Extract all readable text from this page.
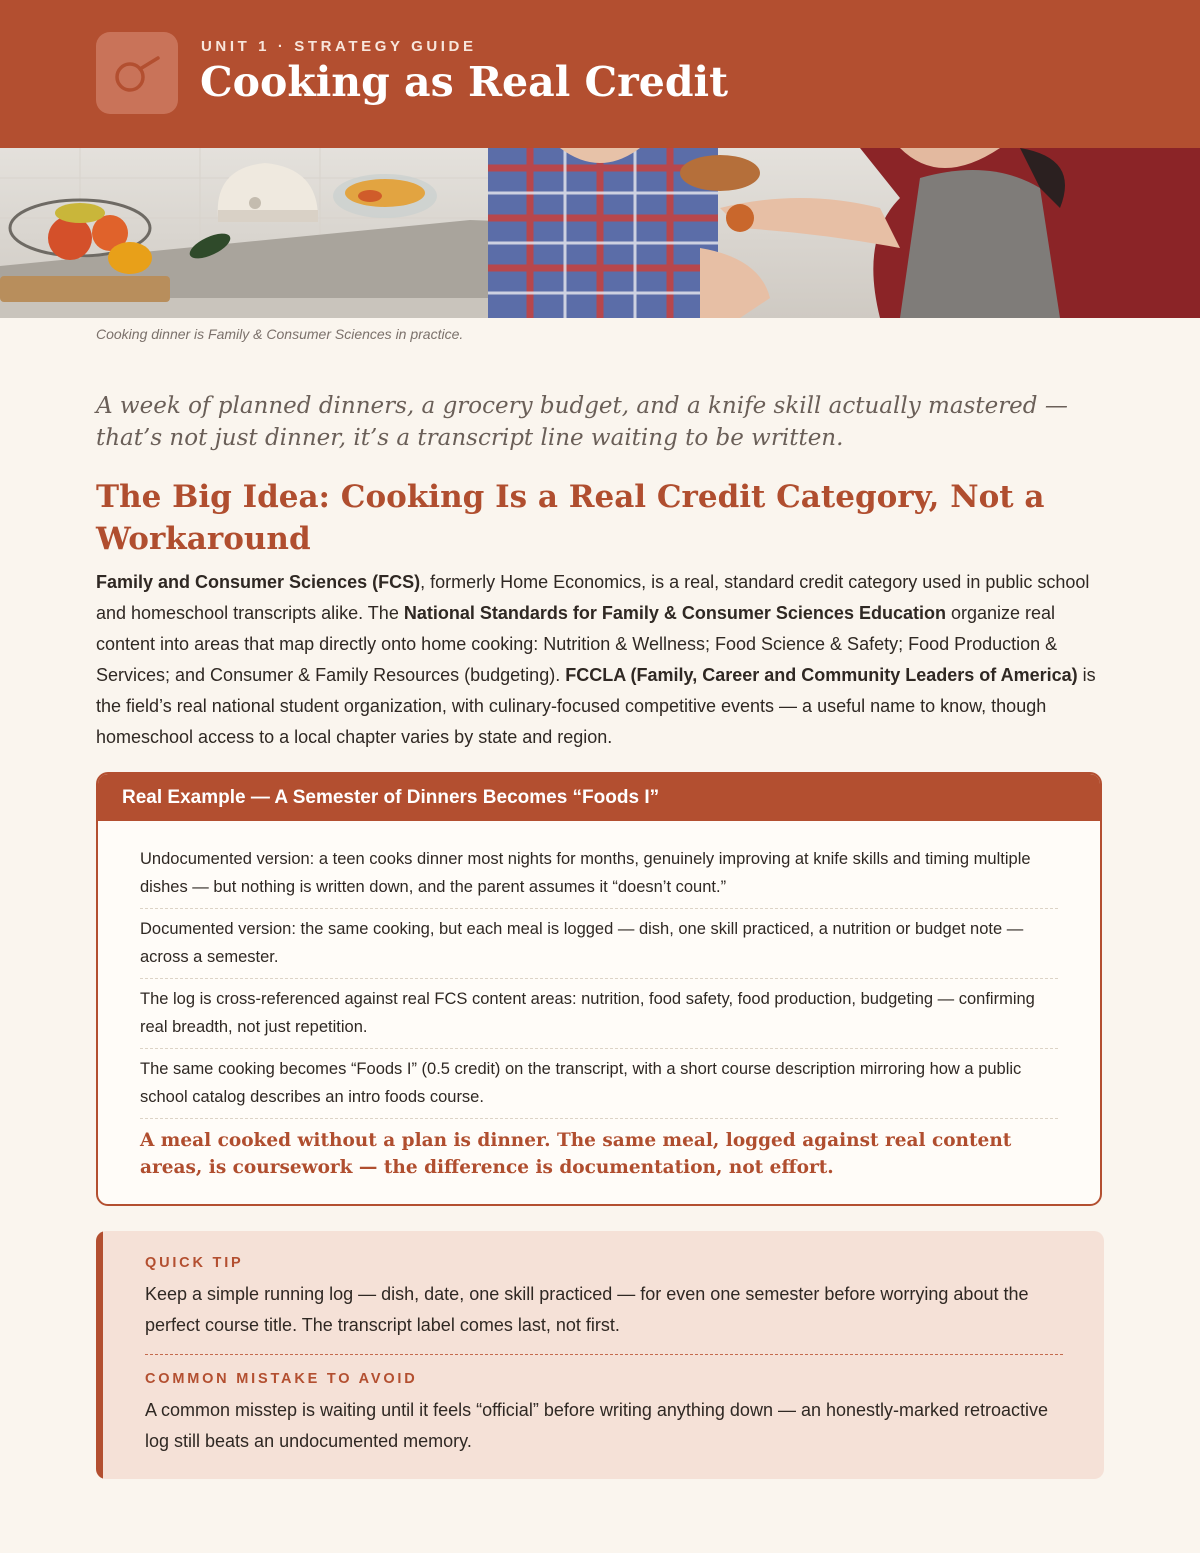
UNIT 1 · STRATEGY GUIDE
Cooking as Real Credit
Cooking dinner is Family & Consumer Sciences in practice.

A week of planned dinners, a grocery budget, and a knife skill actually mastered — that’s not just dinner, it’s a transcript line waiting to be written.

The Big Idea: Cooking Is a Real Credit Category, Not a Workaround

Family and Consumer Sciences (FCS), formerly Home Economics, is a real, standard credit category used in public school and homeschool transcripts alike. The National Standards for Family & Consumer Sciences Education organize real content into areas that map directly onto home cooking: Nutrition & Wellness; Food Science & Safety; Food Production & Services; and Consumer & Family Resources (budgeting). FCCLA (Family, Career and Community Leaders of America) is the field’s real national student organization, with culinary-focused competitive events — a useful name to know, though homeschool access to a local chapter varies by state and region.

Real Example — A Semester of Dinners Becomes “Foods I”
Undocumented version: a teen cooks dinner most nights for months, genuinely improving at knife skills and timing multiple dishes — but nothing is written down, and the parent assumes it “doesn’t count.”
Documented version: the same cooking, but each meal is logged — dish, one skill practiced, a nutrition or budget note — across a semester.
The log is cross-referenced against real FCS content areas: nutrition, food safety, food production, budgeting — confirming real breadth, not just repetition.
The same cooking becomes “Foods I” (0.5 credit) on the transcript, with a short course description mirroring how a public school catalog describes an intro foods course.
A meal cooked without a plan is dinner. The same meal, logged against real content areas, is coursework — the difference is documentation, not effort.
QUICK TIP

Keep a simple running log — dish, date, one skill practiced — for even one semester before worrying about the perfect course title. The transcript label comes last, not first.

COMMON MISTAKE TO AVOID

A common misstep is waiting until it feels “official” before writing anything down — an honestly-marked retroactive log still beats an undocumented memory.
